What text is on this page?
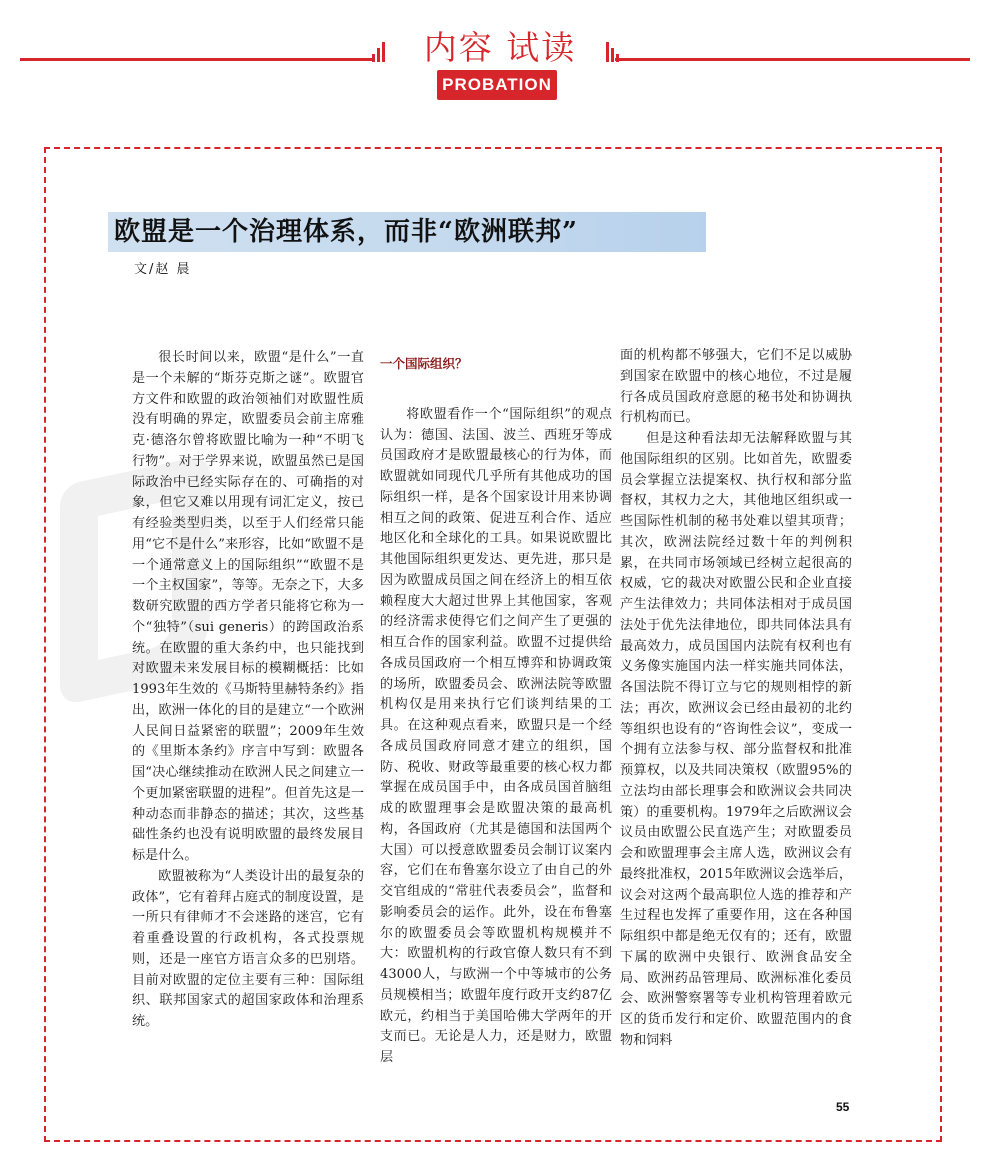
内容 试读
PROBATION
欧盟是一个治理体系，而非“欧洲联邦”
文/赵 晨

很长时间以来，欧盟“是什么”一直是一个未解的“斯芬克斯之谜”。欧盟官方文件和欧盟的政治领袖们对欧盟性质没有明确的界定，欧盟委员会前主席雅克·德洛尔曾将欧盟比喻为一种“不明飞行物”。对于学界来说，欧盟虽然已是国际政治中已经实际存在的、可确指的对象，但它又难以用现有词汇定义，按已有经验类型归类，以至于人们经常只能用“它不是什么”来形容，比如“欧盟不是一个通常意义上的国际组织”“欧盟不是一个主权国家”，等等。无奈之下，大多数研究欧盟的西方学者只能将它称为一个“独特”（sui generis）的跨国政治系统。在欧盟的重大条约中，也只能找到对欧盟未来发展目标的模糊概括：比如1993年生效的《马斯特里赫特条约》指出，欧洲一体化的目的是建立“一个欧洲人民间日益紧密的联盟”；2009年生效的《里斯本条约》序言中写到：欧盟各国“决心继续推动在欧洲人民之间建立一个更加紧密联盟的进程”。但首先这是一种动态而非静态的描述；其次，这些基础性条约也没有说明欧盟的最终发展目标是什么。

欧盟被称为“人类设计出的最复杂的政体”，它有着拜占庭式的制度设置，是一所只有律师才不会迷路的迷宫，它有着重叠设置的行政机构，各式投票规则，还是一座官方语言众多的巴别塔。目前对欧盟的定位主要有三种：国际组织、联邦国家式的超国家政体和治理系统。

一个国际组织？

将欧盟看作一个“国际组织”的观点认为：德国、法国、波兰、西班牙等成员国政府才是欧盟最核心的行为体，而欧盟就如同现代几乎所有其他成功的国际组织一样，是各个国家设计用来协调相互之间的政策、促进互利合作、适应地区化和全球化的工具。如果说欧盟比其他国际组织更发达、更先进，那只是因为欧盟成员国之间在经济上的相互依赖程度大大超过世界上其他国家，客观的经济需求使得它们之间产生了更强的相互合作的国家利益。欧盟不过提供给各成员国政府一个相互博弈和协调政策的场所，欧盟委员会、欧洲法院等欧盟机构仅是用来执行它们谈判结果的工具。在这种观点看来，欧盟只是一个经各成员国政府同意才建立的组织，国防、税收、财政等最重要的核心权力都掌握在成员国手中，由各成员国首脑组成的欧盟理事会是欧盟决策的最高机构，各国政府（尤其是德国和法国两个大国）可以授意欧盟委员会制订议案内容，它们在布鲁塞尔设立了由自己的外交官组成的“常驻代表委员会”，监督和影响委员会的运作。此外，设在布鲁塞尔的欧盟委员会等欧盟机构规模并不大：欧盟机构的行政官僚人数只有不到43000人，与欧洲一个中等城市的公务员规模相当；欧盟年度行政开支约87亿欧元，约相当于美国哈佛大学两年的开支而已。无论是人力，还是财力，欧盟层

面的机构都不够强大，它们不足以威胁到国家在欧盟中的核心地位，不过是履行各成员国政府意愿的秘书处和协调执行机构而已。

但是这种看法却无法解释欧盟与其他国际组织的区别。比如首先，欧盟委员会掌握立法提案权、执行权和部分监督权，其权力之大，其他地区组织或一些国际性机制的秘书处难以望其项背；其次，欧洲法院经过数十年的判例积累，在共同市场领域已经树立起很高的权威，它的裁决对欧盟公民和企业直接产生法律效力；共同体法相对于成员国法处于优先法律地位，即共同体法具有最高效力，成员国国内法院有权利也有义务像实施国内法一样实施共同体法，各国法院不得订立与它的规则相悖的新法；再次，欧洲议会已经由最初的北约等组织也设有的“咨询性会议”，变成一个拥有立法参与权、部分监督权和批准预算权，以及共同决策权（欧盟95%的立法均由部长理事会和欧洲议会共同决策）的重要机构。1979年之后欧洲议会议员由欧盟公民直选产生；对欧盟委员会和欧盟理事会主席人选，欧洲议会有最终批准权，2015年欧洲议会选举后，议会对这两个最高职位人选的推荐和产生过程也发挥了重要作用，这在各种国际组织中都是绝无仅有的；还有，欧盟下属的欧洲中央银行、欧洲食品安全局、欧洲药品管理局、欧洲标准化委员会、欧洲警察署等专业机构管理着欧元区的货币发行和定价、欧盟范围内的食物和饲料

55
